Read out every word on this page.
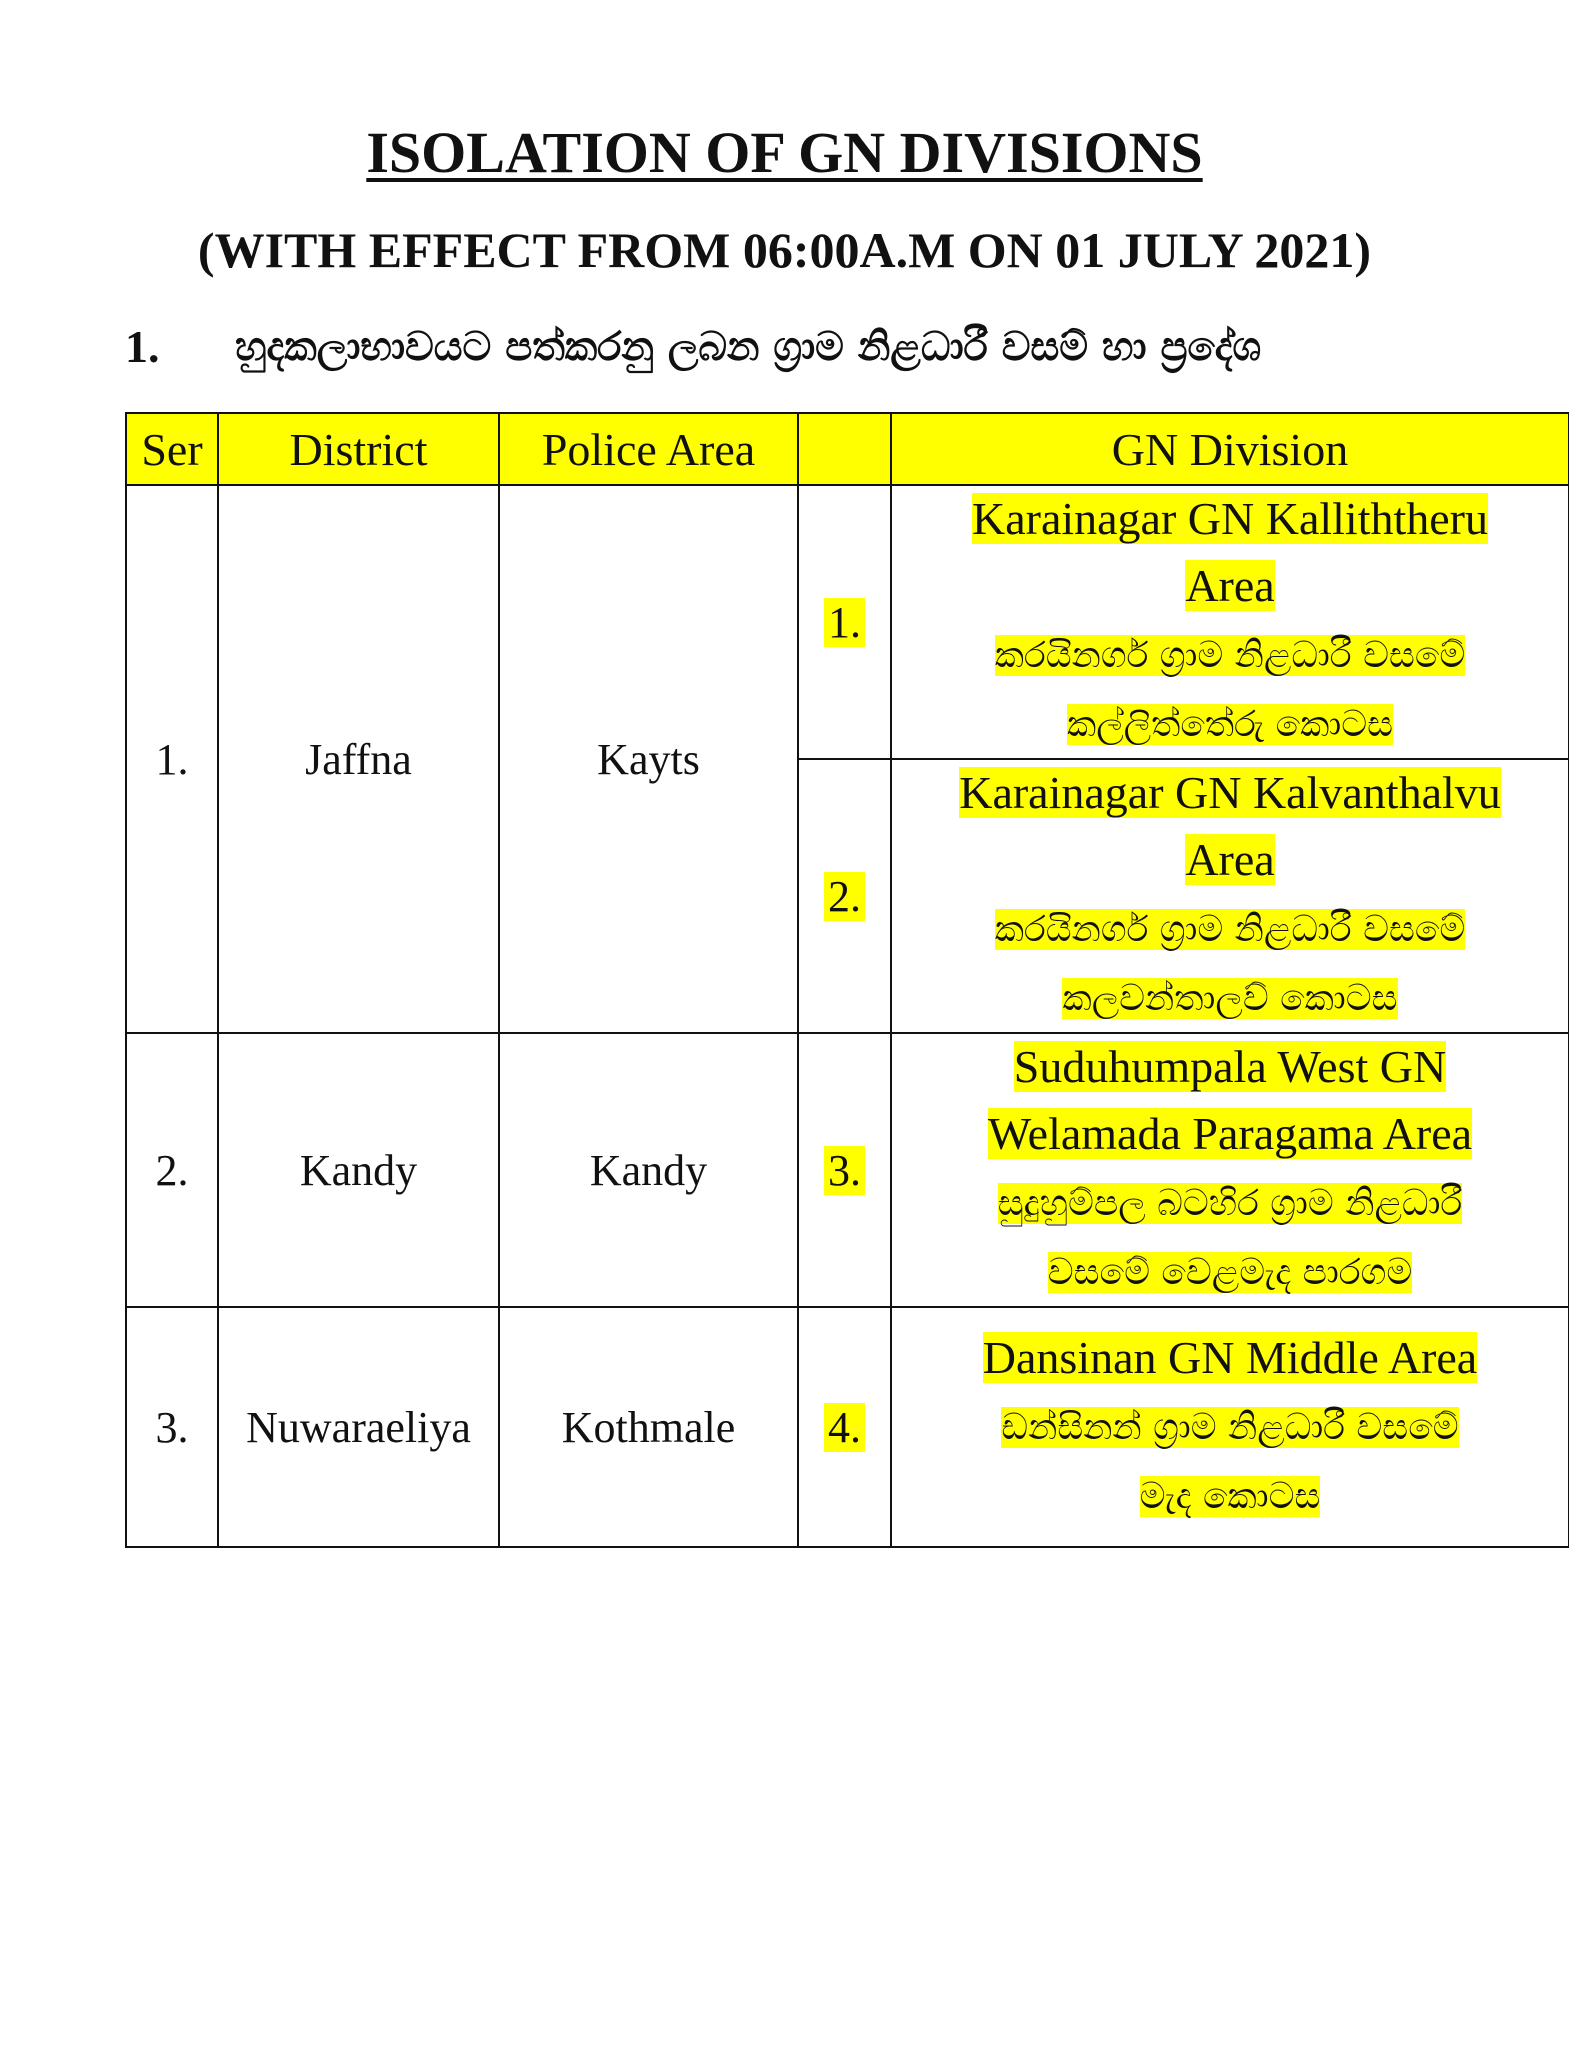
ISOLATION OF GN DIVISIONS
(WITH EFFECT FROM 06:00A.M ON 01 JULY 2021)
1. හුදකලාභාවයට පත්කරනු ලබන ග්‍රාම නිළධාරී වසම් හා ප්‍රදේශ
Ser	District	Police Area		GN Division
1.	Jaffna	Kayts	1.	Karainagar GN Kalliththeru
Area
කරයිනගර් ග්‍රාම නිළධාරී වසමේ
කල්ලිත්තේරු කොටස

			2.	Karainagar GN Kalvanthalvu
Area
කරයිනගර් ග්‍රාම නිළධාරී වසමේ
කලවන්තාලව් කොටස

2.	Kandy	Kandy	3.	Suduhumpala West GN
Welamada Paragama Area
සුදුහුම්පල බටහිර ග්‍රාම නිළධාරී
වසමේ වෙළමැද පාරගම

3.	Nuwaraeliya	Kothmale	4.	Dansinan GN Middle Area
ඩන්සිනන් ග්‍රාම නිළධාරී වසමේ
මැද කොටස
